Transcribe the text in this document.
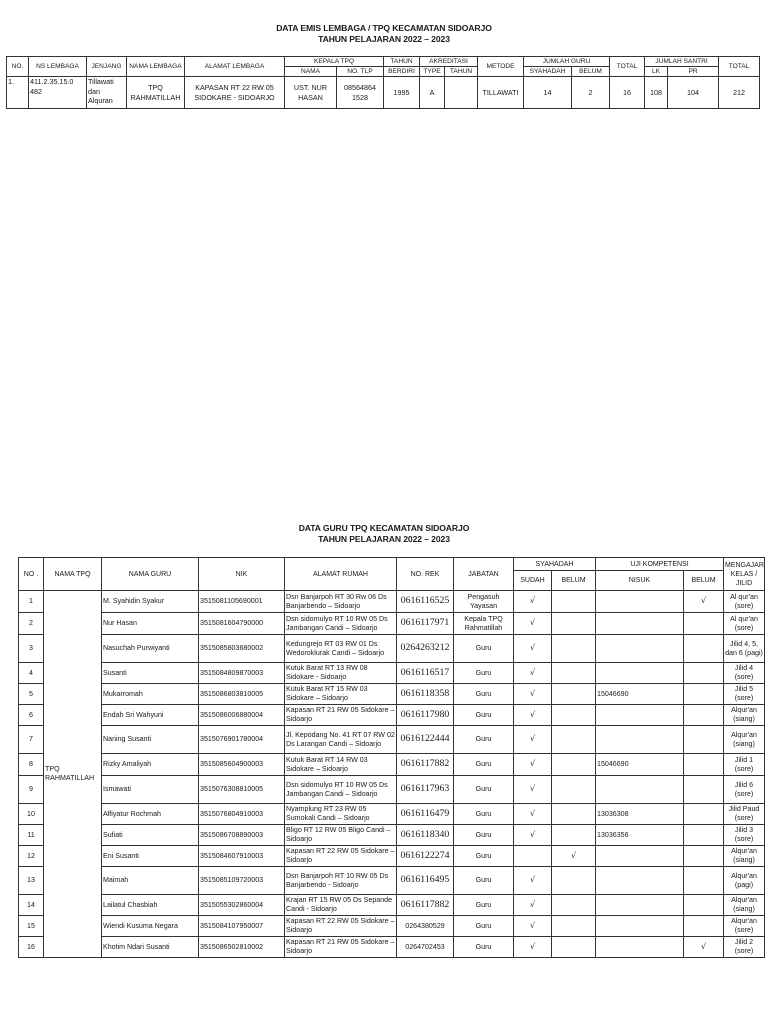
DATA EMIS LEMBAGA / TPQ KECAMATAN SIDOARJO
TAHUN PELAJARAN 2022 – 2023
NO.	NS LEMBAGA	JENJANG	NAMA LEMBAGA	ALAMAT LEMBAGA	KEPALA TPQ		TAHUN	AKREDITASI		METODE	JUMLAH GURU		TOTAL	JUMLAH SANTRI		TOTAL
					NAMA	NO. TLP	BERDIRI	TYPE	TAHUN		SYAHADAH	BELUM		LK	PR	
1.	411.2.35.15.0 482	Tillawati dan Alquran	TPQ RAHMATILLAH	KAPASAN RT 22 RW 05 SIDOKARE - SIDOARJO	UST. NUR HASAN	08564864 1528	1995	A		TILLAWATI	14	2	16	108	104	212
DATA GURU TPQ KECAMATAN SIDOARJO
TAHUN PELAJARAN 2022 – 2023
NO .	NAMA TPQ	NAMA GURU	NIK	ALAMAT RUMAH	NO. REK	JABATAN	SYAHADAH		UJI KOMPETENSI		MENGAJAR KELAS / JILID
							SUDAH	BELUM	NISUK	BELUM	
1	TPQ RAHMATILLAH	M. Syahidin Syakur	3515081105690001	Dsn Banjarpoh RT 30 Rw 06 Ds Banjarbendo – Sidoarjo	0616116525	Pengasuh Yayasan	√			√	Al qur'an (sore)
2		Nur Hasan	3515081604790000	Dsn sidomulyo RT 10 RW 05 Ds Jambangan Candi – Sidoarjo	0616117971	Kepala TPQ Rahmatillah	√				Al qur'an (sore)
3		Nasuchah Purwiyanti	3515085803680002	Kedungrejo RT 03 RW 01 Ds Wedoroklurak Candi – Sidoarjo	0264263212	Guru	√				Jilid 4, 5, dan 6 (pagi)
4		Susanti	3515084809870003	Kutuk Barat RT 13 RW 08 Sidokare - Sidoarjo	0616116517	Guru	√				Jilid 4 (sore)
5		Mukarromah	3515086803810005	Kutuk Barat RT 15 RW 03 Sidokare – Sidoarjo	0616118358	Guru	√		15046690		Jilid 5 (sore)
6		Endah Sri Wahyuni	3515086006880004	Kapasan RT 21 RW 05 Sidokare – Sidoarjo	0616117980	Guru	√				Alqur'an (siang)
7		Naning Susanti	3515076901780004	Jl. Kepodang No. 41 RT 07 RW 02 Ds Larangan Candi – Sidoarjo	0616122444	Guru	√				Alqur'an (siang)
8		Rizky Amaliyah	3515085604900003	Kutuk Barat RT 14 RW 03 Sidokare – Sidoarjo	0616117882	Guru	√		15046690		Jilid 1 (sore)
9		Ismawati	3515076308810005	Dsn sidomulyo RT 10 RW 05 Ds Jambangan Candi – Sidoarjo	0616117963	Guru	√				Jilid 6 (sore)
10		Alfiyatur Rochmah	3515076804910003	Nyamplung RT 23 RW 05 Sumokali Candi – Sidoarjo	0616116479	Guru	√		13036308		Jilid Paud (sore)
11		Sufiati	3515086708890003	Bligo RT 12 RW 05 Bligo Candi – Sidoarjo	0616118340	Guru	√		13036356		Jilid 3 (sore)
12		Eni Susanti	3515084607910003	Kapasan RT 22 RW 05 Sidokare – Sidoarjo	0616122274	Guru		√			Alqur'an (siang)
13		Maimah	3515085109720003	Dsn Banjarpoh RT 10 RW 05 Ds Banjarbendo - Sidoarjo	0616116495	Guru	√				Alqur'an (pagi)
14		Lailatul Chasbiah	3515055302860004	Krajan RT 15 RW 05 Ds Sepande Candi - Sidoarjo	0616117882	Guru	√				Alqur'an (siang)
15		Wiendi Kusuma Negara	3515084107950007	Kapasan RT 22 RW 05 Sidokare – Sidoarjo	0264380529	Guru	√				Alqur'an (sore)
16		Khotim Ndari Susanti	3515086502810002	Kapasan RT 21 RW 05 Sidokare – Sidoarjo	0264702453	Guru	√			√	Jilid 2 (sore)
